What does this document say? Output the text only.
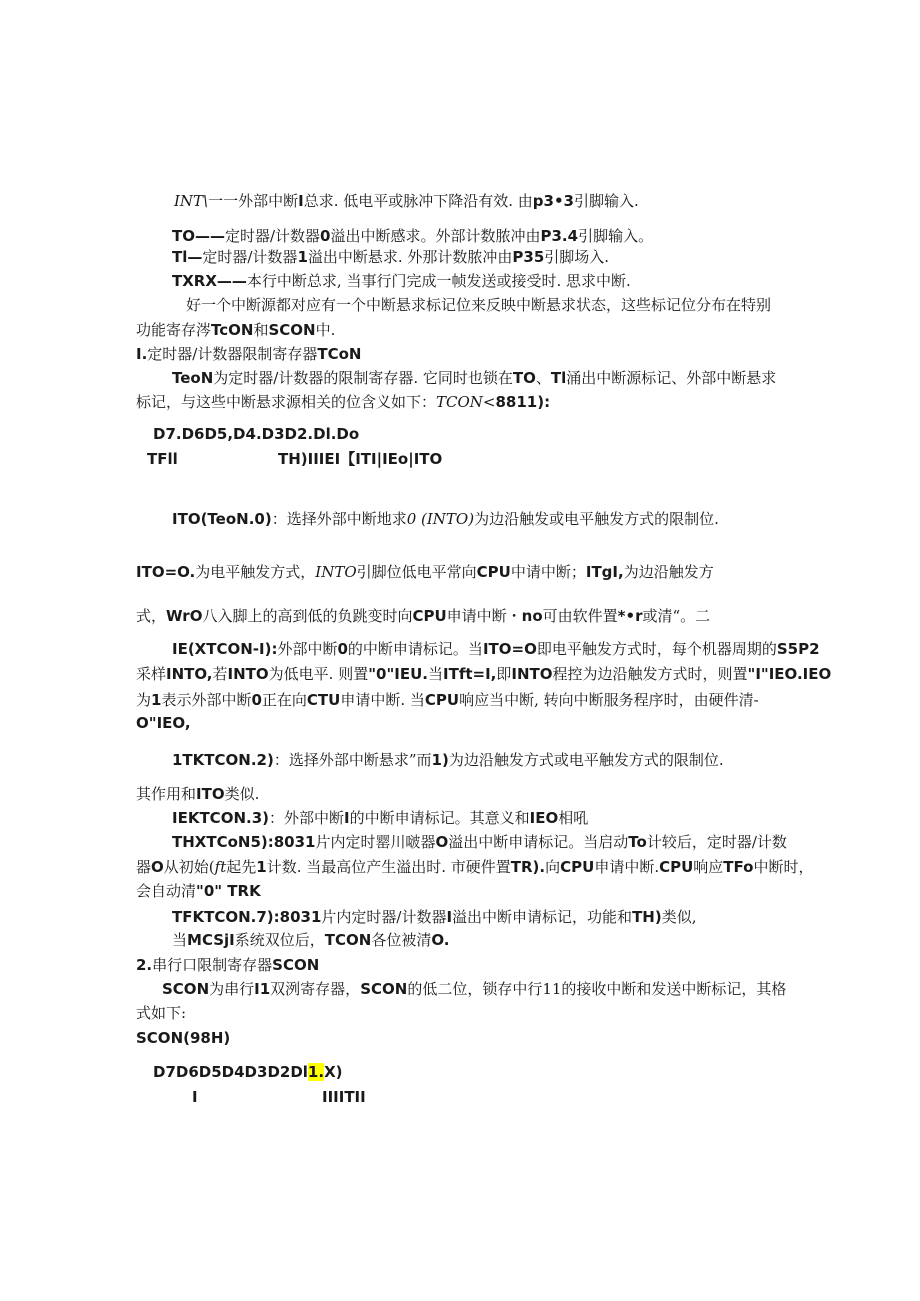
INT\一一外部中断I总求. 低电平或脉冲下降沿有效. 由p3•3引脚输入.
TO——定时器/计数器0溢出中断感求。外部计数脓冲由P3.4引脚输入。
Tl—定时器/计数器1溢出中断悬求. 外那计数脓冲由P35引脚场入.
TXRX——本行中断总求, 当事行门完成一帧发送或接受时. 思求中断.
好一个中断源都对应有一个中断悬求标记位来反映中断悬求状态，这些标记位分布在特别
功能寄存涔TcON和SCON中.
I.定时器/计数器限制寄存器TCoN
TeoN为定时器/计数器的限制寄存器. 它同时也锁在TO、Tl涌出中断源标记、外部中断悬求
标记，与这些中断悬求源相关的位含义如下：TCON<8811):
D7.D6D5,D4.D3D2.Dl.Do
TFll	TH)IIIEI【ITI|IEo|ITO
ITO(TeoN.0)：选择外部中断地求0 (INTO)为边沿触发或电平触发方式的限制位.
ITO=O.为电平触发方式，INTO引脚位低电平常向CPU中请中断；ITgI,为边沿触发方
式，WrO八入脚上的高到低的负跳变时向CPU申请中断・no可由软件置*•r或清“。二
IE(XTCON-I):外部中断0的中断申请标记。当ITO=O即电平触发方式时，每个机器周期的S5P2
采样INTO,若INTO为低电平. 则置"0"IEU.当ITft=I,即INTO程控为边沿触发方式时，则置"I"IEO.IEO
为1表示外部中断0正在向CTU申请中断. 当CPU响应当中断, 转向中断服务程序时，由硬件清-
O"IEO,
1TKTCON.2)：选择外部中断悬求”而1)为边沿触发方式或电平触发方式的限制位.
其作用和ITO类似.
IEKTCON.3)：外部中断I的中断申请标记。其意义和IEO相吼
THXTCoN5):8031片内定时罂川啵器O溢出中断申请标记。当启动To计较后，定时器/计数
器O从初始(ft起先1计数. 当最高位产生溢出时. 市硬件置TR).向CPU申请中断.CPU响应TFo中断时，
会自动清"0" TRK
TFKTCON.7):8031片内定时器/计数器I溢出中断申请标记，功能和TH)类似,
当MCSjI系统双位后，TCON各位被清O.
2.串行口限制寄存器SCON
SCON为串行I1双洌寄存器，SCON的低二位，锁存中行11的接收中断和发送中断标记，其格
式如下:
SCON(98H)
D7D6D5D4D3D2Dl1.X)
I	IIIITII
